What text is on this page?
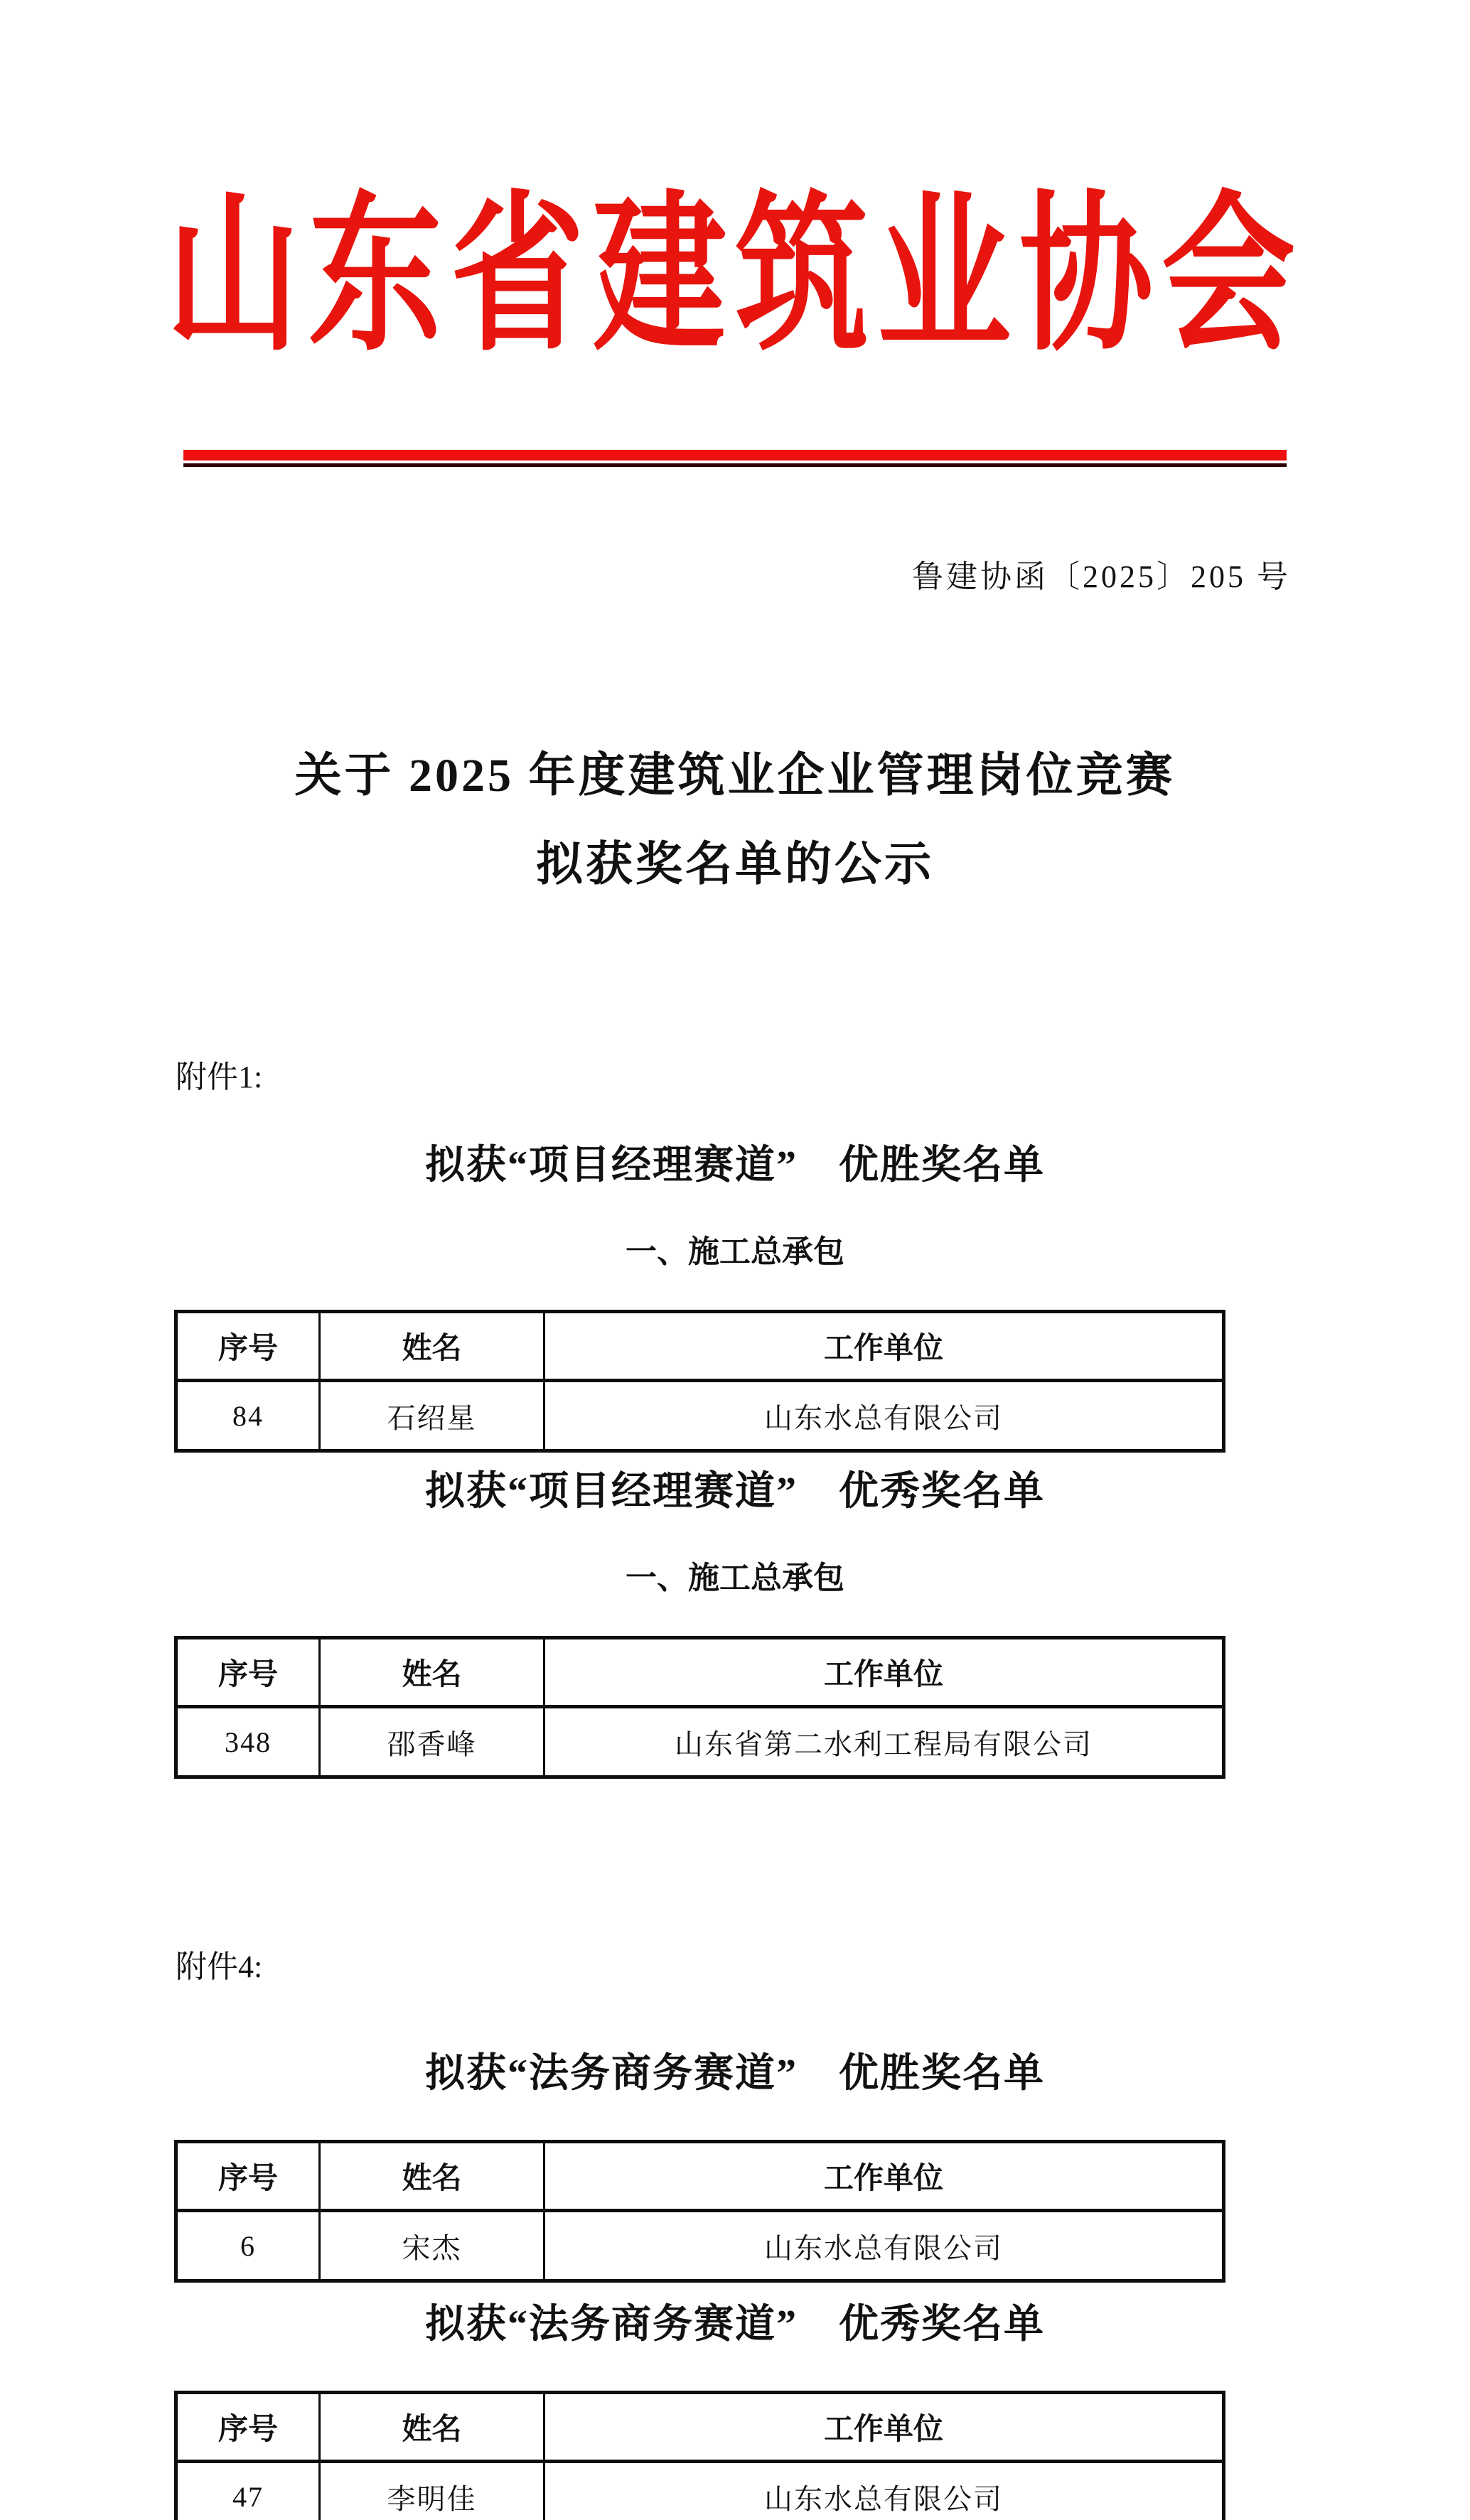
山东省建筑业协会
鲁建协函〔2025〕205 号
关于 2025 年度建筑业企业管理岗位竞赛
拟获奖名单的公示
附件1:
拟获“项目经理赛道”　优胜奖名单
一、施工总承包
序号	姓名	工作单位
84	石绍星	山东水总有限公司
拟获“项目经理赛道”　优秀奖名单
一、施工总承包
序号	姓名	工作单位
348	邵香峰	山东省第二水利工程局有限公司
附件4:
拟获“法务商务赛道”　优胜奖名单
序号	姓名	工作单位
6	宋杰	山东水总有限公司
拟获“法务商务赛道”　优秀奖名单
序号	姓名	工作单位
47	李明佳	山东水总有限公司
